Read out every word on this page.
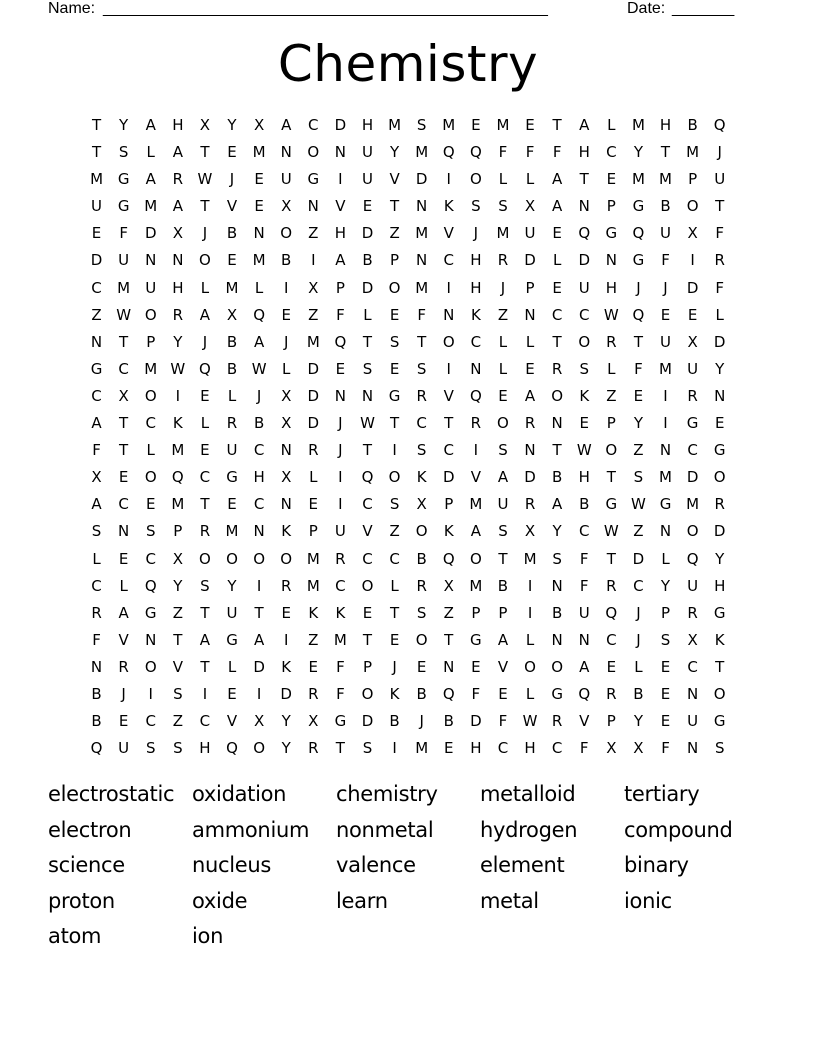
Name: __________________________________________________	Date: _______
Chemistry
T	Y	A	H	X	Y	X	A	C	D	H M	S	M	E	M	E	T	A	L	M H	B	Q
T	S	L	A	T	E	M	N	O	N	U	Y	M Q	Q	F	F	F	H	C	Y	T	M	J
M G	A	R W	J	E	U	G	I	U	V	D	I	O	L	L	A	T	E	M M	P	U
U	G M	A	T	V	E	X	N	V	E	T	N	K	S	S	X	A	N	P	G	B	O	T
E	F	D	X	J	B	N	O	Z	H	D	Z	M	V	J	M	U	E	Q	G	Q	U	X	F
D	U	N	N	O	E	M	B	I	A	B	P	N	C	H	R	D	L	D	N	G	F	I	R
C	M	U	H	L	M	L	I	X	P	D	O M	I	H	J	P	E	U	H	J	J	D	F
Z W O	R	A	X	Q	E	Z	F	L	E	F	N	K	Z	N	C	C W Q	E	E	L
N	T	P	Y	J	B	A	J	M Q	T	S	T	O	C	L	L	T	O	R	T	U	X	D
G	C	M W Q	B W	L	D	E	S	E	S	I	N	L	E	R	S	L	F	M	U	Y
C	X	O	I	E	L	J	X	D	N	N	G	R	V	Q	E	A	O	K	Z	E	I	R	N
A	T	C	K	L	R	B	X	D	J	W	T	C	T	R	O	R	N	E	P	Y	I	G	E
F	T	L	M	E	U	C	N	R	J	T	I	S	C	I	S	N	T	W O	Z	N	C	G
X	E	O	Q	C	G	H	X	L	I	Q	O	K	D	V	A	D	B	H	T	S	M D	O
A	C	E	M	T	E	C	N	E	I	C	S	X	P	M	U	R	A	B	G W G M	R
S	N	S	P	R	M	N	K	P	U	V	Z	O	K	A	S	X	Y	C W Z	N	O	D
L	E	C	X	O	O	O	O M	R	C	C	B	Q	O	T	M	S	F	T	D	L	Q	Y
C	L	Q	Y	S	Y	I	R	M	C	O	L	R	X	M	B	I	N	F	R	C	Y	U	H
R	A	G	Z	T	U	T	E	K	K	E	T	S	Z	P	P	I	B	U	Q	J	P	R	G
F	V	N	T	A	G	A	I	Z	M	T	E	O	T	G	A	L	N	N	C	J	S	X	K
N	R	O	V	T	L	D	K	E	F	P	J	E	N	E	V	O	O	A	E	L	E	C	T
B	J	I	S	I	E	I	D	R	F	O	K	B	Q	F	E	L	G	Q	R	B	E	N	O
B	E	C	Z	C	V	X	Y	X	G	D	B	J	B	D	F	W R	V	P	Y	E	U	G
Q	U	S	S	H	Q	O	Y	R	T	S	I	M	E	H	C	H	C	F	X	X	F	N	S
electrostatic oxidation	chemistry	metalloid	tertiary
electron	ammonium	nonmetal	hydrogen	compound
science	nucleus	valence	element	binary
proton	oxide	learn	metal	ionic
atom	ion
